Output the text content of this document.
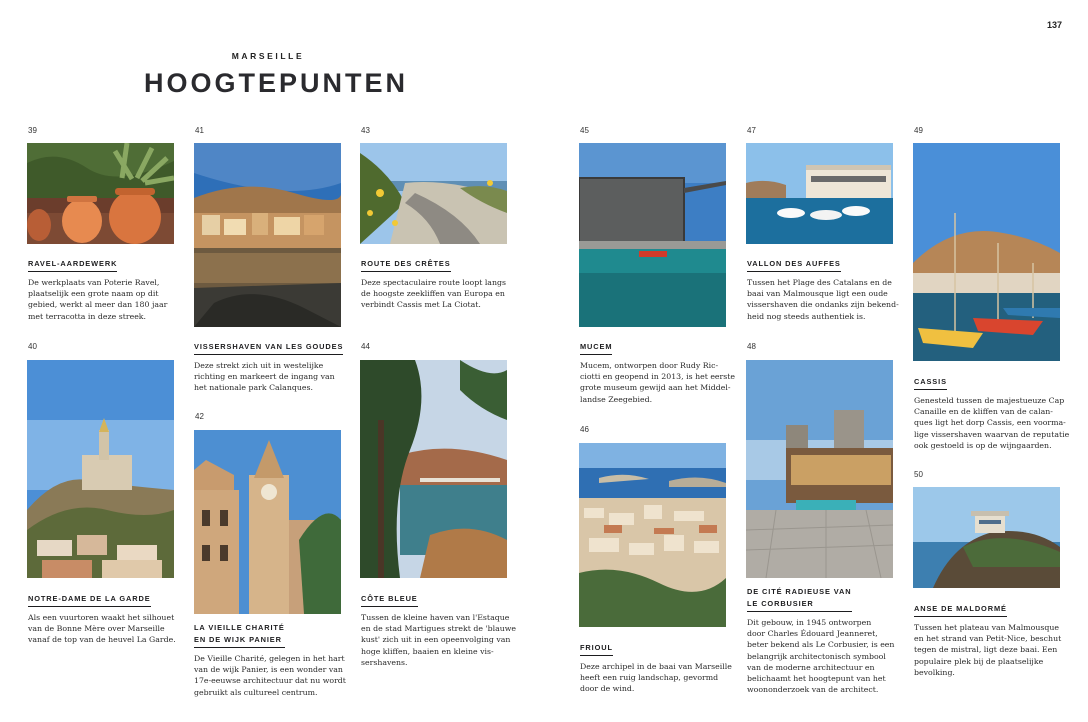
137
MARSEILLE
HOOGTEPUNTEN
39
RAVEL-AARDEWERK
De werkplaats van Poterie Ravel,
plaatselijk een grote naam op dit
gebied, werkt al meer dan 180 jaar
met terracotta in deze streek.
40
NOTRE-DAME DE LA GARDE
Als een vuurtoren waakt het silhouet
van de Bonne Mère over Marseille
vanaf de top van de heuvel La Garde.
41
VISSERSHAVEN VAN LES GOUDES
Deze strekt zich uit in westelijke
richting en markeert de ingang van
het nationale park Calanques.
42
LA VIEILLE CHARITÉ
EN DE WIJK PANIER
De Vieille Charité, gelegen in het hart
van de wijk Panier, is een wonder van
17e-eeuwse architectuur dat nu wordt
gebruikt als cultureel centrum.
43
ROUTE DES CRÊTES
Deze spectaculaire route loopt langs
de hoogste zeekliffen van Europa en
verbindt Cassis met La Ciotat.
44
CÔTE BLEUE
Tussen de kleine haven van l'Estaque
en de stad Martigues strekt de 'blauwe
kust' zich uit in een opeenvolging van
hoge kliffen, baaien en kleine vis-
sershavens.
45
MUCEM
Mucem, ontworpen door Rudy Ric-
ciotti en geopend in 2013, is het eerste
grote museum gewijd aan het Middel-
landse Zeegebied.
46
FRIOUL
Deze archipel in de baai van Marseille
heeft een ruig landschap, gevormd
door de wind.
47
VALLON DES AUFFES
Tussen het Plage des Catalans en de
baai van Malmousque ligt een oude
vissershaven die ondanks zijn bekend-
heid nog steeds authentiek is.
48
DE CITÉ RADIEUSE VAN
LE CORBUSIER
Dit gebouw, in 1945 ontworpen
door Charles Édouard Jeanneret,
beter bekend als Le Corbusier, is een
belangrijk architectonisch symbool
van de moderne architectuur en
belichaamt het hoogtepunt van het
woononderzoek van de architect.
49
CASSIS
Genesteld tussen de majestueuze Cap
Canaille en de kliffen van de calan-
ques ligt het dorp Cassis, een voorma-
lige vissershaven waarvan de reputatie
ook gestoeld is op de wijngaarden.
50
ANSE DE MALDORMÉ
Tussen het plateau van Malmousque
en het strand van Petit-Nice, beschut
tegen de mistral, ligt deze baai. Een
populaire plek bij de plaatselijke
bevolking.
